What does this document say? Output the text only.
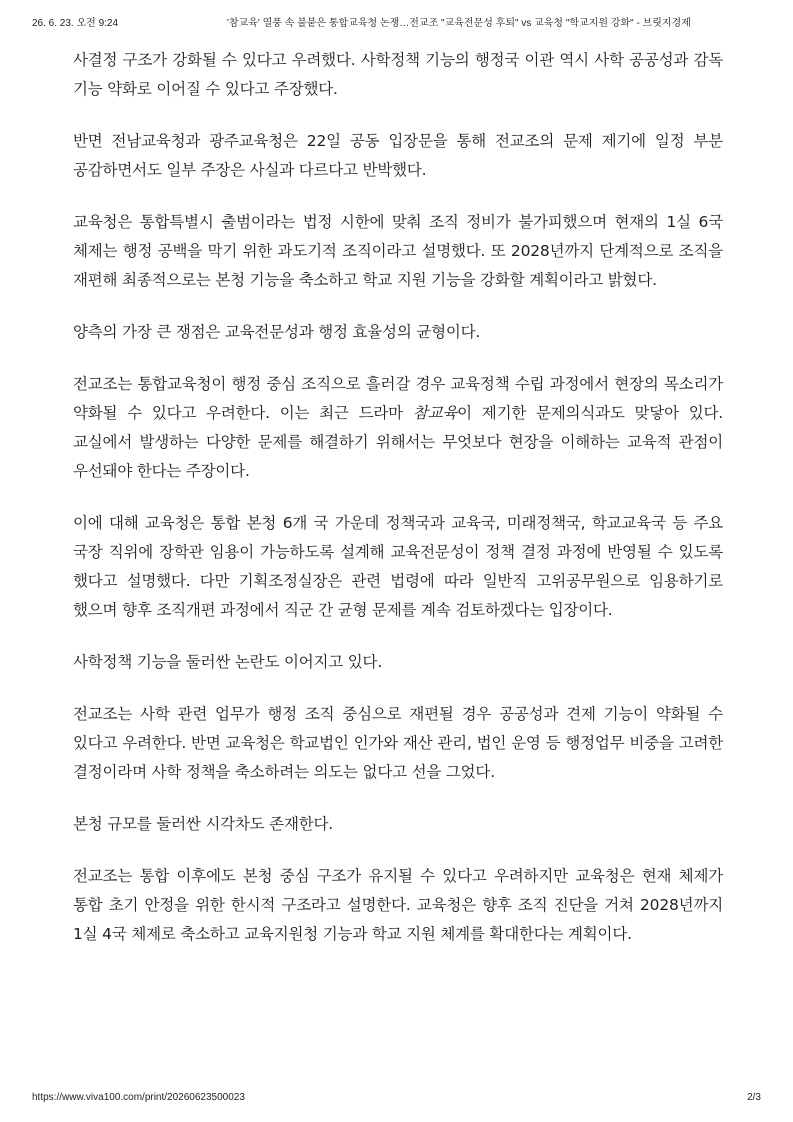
26. 6. 23. 오전 9:24	'참교육' 열풍 속 불붙은 통합교육청 논쟁…전교조 "교육전문성 후퇴" vs 교육청 "학교지원 강화" - 브릿지경제

사결정 구조가 강화될 수 있다고 우려했다. 사학정책 기능의 행정국 이관 역시 사학 공공성과 감독 기능 약화로 이어질 수 있다고 주장했다.

반면 전남교육청과 광주교육청은 22일 공동 입장문을 통해 전교조의 문제 제기에 일정 부분 공감하면서도 일부 주장은 사실과 다르다고 반박했다.

교육청은 통합특별시 출범이라는 법정 시한에 맞춰 조직 정비가 불가피했으며 현재의 1실 6국 체제는 행정 공백을 막기 위한 과도기적 조직이라고 설명했다. 또 2028년까지 단계적으로 조직을 재편해 최종적으로는 본청 기능을 축소하고 학교 지원 기능을 강화할 계획이라고 밝혔다.

양측의 가장 큰 쟁점은 교육전문성과 행정 효율성의 균형이다.

전교조는 통합교육청이 행정 중심 조직으로 흘러갈 경우 교육정책 수립 과정에서 현장의 목소리가 약화될 수 있다고 우려한다. 이는 최근 드라마 참교육이 제기한 문제의식과도 맞닿아 있다. 교실에서 발생하는 다양한 문제를 해결하기 위해서는 무엇보다 현장을 이해하는 교육적 관점이 우선돼야 한다는 주장이다.

이에 대해 교육청은 통합 본청 6개 국 가운데 정책국과 교육국, 미래정책국, 학교교육국 등 주요 국장 직위에 장학관 임용이 가능하도록 설계해 교육전문성이 정책 결정 과정에 반영될 수 있도록 했다고 설명했다. 다만 기획조정실장은 관련 법령에 따라 일반직 고위공무원으로 임용하기로 했으며 향후 조직개편 과정에서 직군 간 균형 문제를 계속 검토하겠다는 입장이다.

사학정책 기능을 둘러싼 논란도 이어지고 있다.

전교조는 사학 관련 업무가 행정 조직 중심으로 재편될 경우 공공성과 견제 기능이 약화될 수 있다고 우려한다. 반면 교육청은 학교법인 인가와 재산 관리, 법인 운영 등 행정업무 비중을 고려한 결정이라며 사학 정책을 축소하려는 의도는 없다고 선을 그었다.

본청 규모를 둘러싼 시각차도 존재한다.

전교조는 통합 이후에도 본청 중심 구조가 유지될 수 있다고 우려하지만 교육청은 현재 체제가 통합 초기 안정을 위한 한시적 구조라고 설명한다. 교육청은 향후 조직 진단을 거쳐 2028년까지 1실 4국 체제로 축소하고 교육지원청 기능과 학교 지원 체계를 확대한다는 계획이다.

https://www.viva100.com/print/20260623500023	2/3
